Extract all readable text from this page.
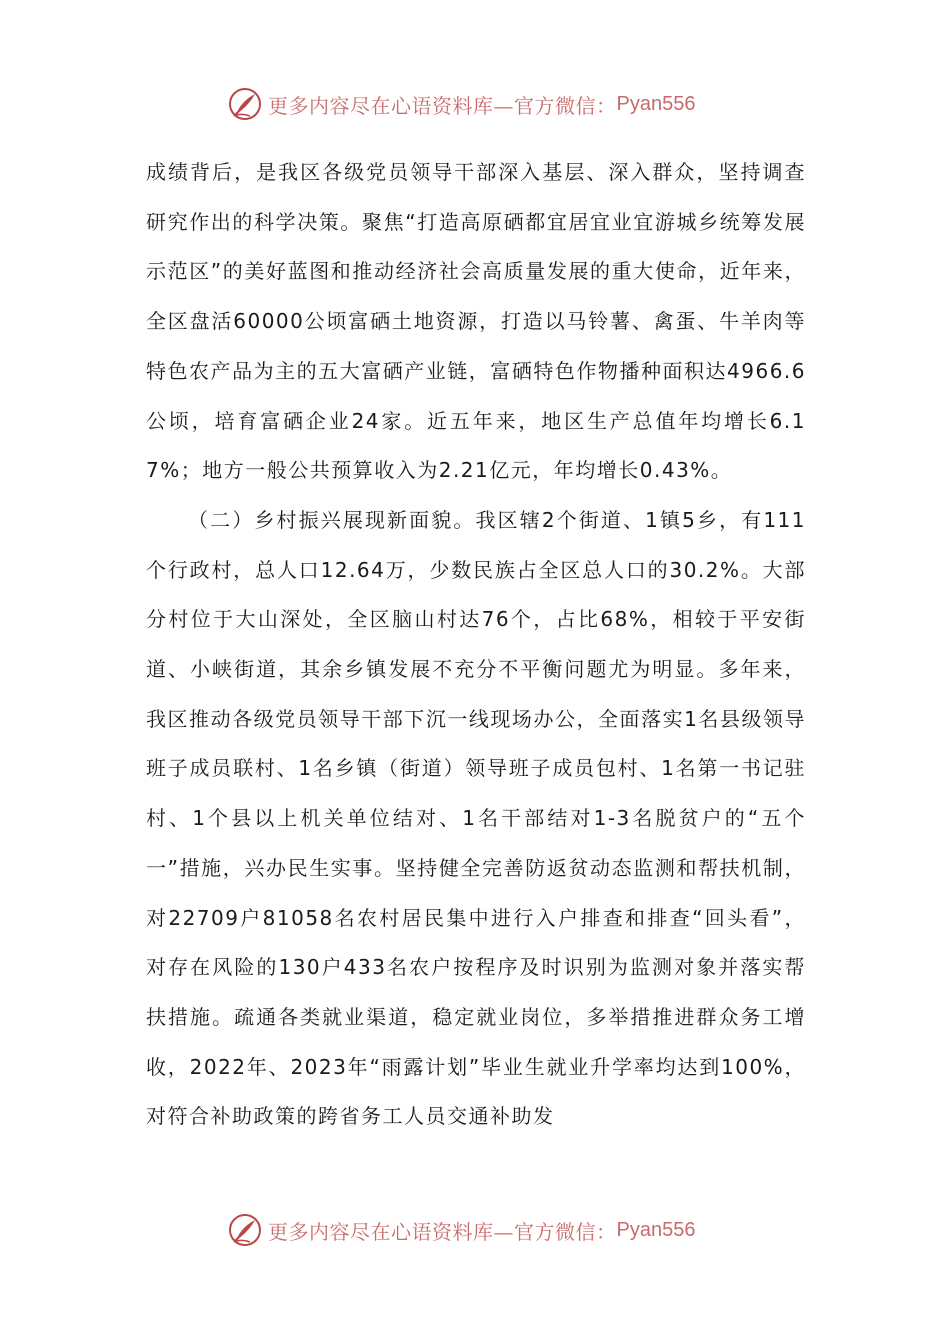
更多内容尽在心语资料库—官方微信： Pyan556

成绩背后，是我区各级党员领导干部深入基层、深入群众，坚持调查研究作出的科学决策。聚焦“打造高原硒都宜居宜业宜游城乡统筹发展示范区”的美好蓝图和推动经济社会高质量发展的重大使命，近年来，全区盘活60000公顷富硒土地资源，打造以马铃薯、禽蛋、牛羊肉等特色农产品为主的五大富硒产业链，富硒特色作物播种面积达4966.6公顷，培育富硒企业24家。近五年来，地区生产总值年均增长6.17%；地方一般公共预算收入为2.21亿元，年均增长0.43%。

（二）乡村振兴展现新面貌。我区辖2个街道、1镇5乡，有111个行政村，总人口12.64万，少数民族占全区总人口的30.2%。大部分村位于大山深处，全区脑山村达76个，占比68%，相较于平安街道、小峡街道，其余乡镇发展不充分不平衡问题尤为明显。多年来，我区推动各级党员领导干部下沉一线现场办公，全面落实1名县级领导班子成员联村、1名乡镇（街道）领导班子成员包村、1名第一书记驻村、1个县以上机关单位结对、1名干部结对1-3名脱贫户的“五个一”措施，兴办民生实事。坚持健全完善防返贫动态监测和帮扶机制，对22709户81058名农村居民集中进行入户排查和排查“回头看”，对存在风险的130户433名农户按程序及时识别为监测对象并落实帮扶措施。疏通各类就业渠道，稳定就业岗位，多举措推进群众务工增收，2022年、2023年“雨露计划”毕业生就业升学率均达到100%，对符合补助政策的跨省务工人员交通补助发

更多内容尽在心语资料库—官方微信： Pyan556
